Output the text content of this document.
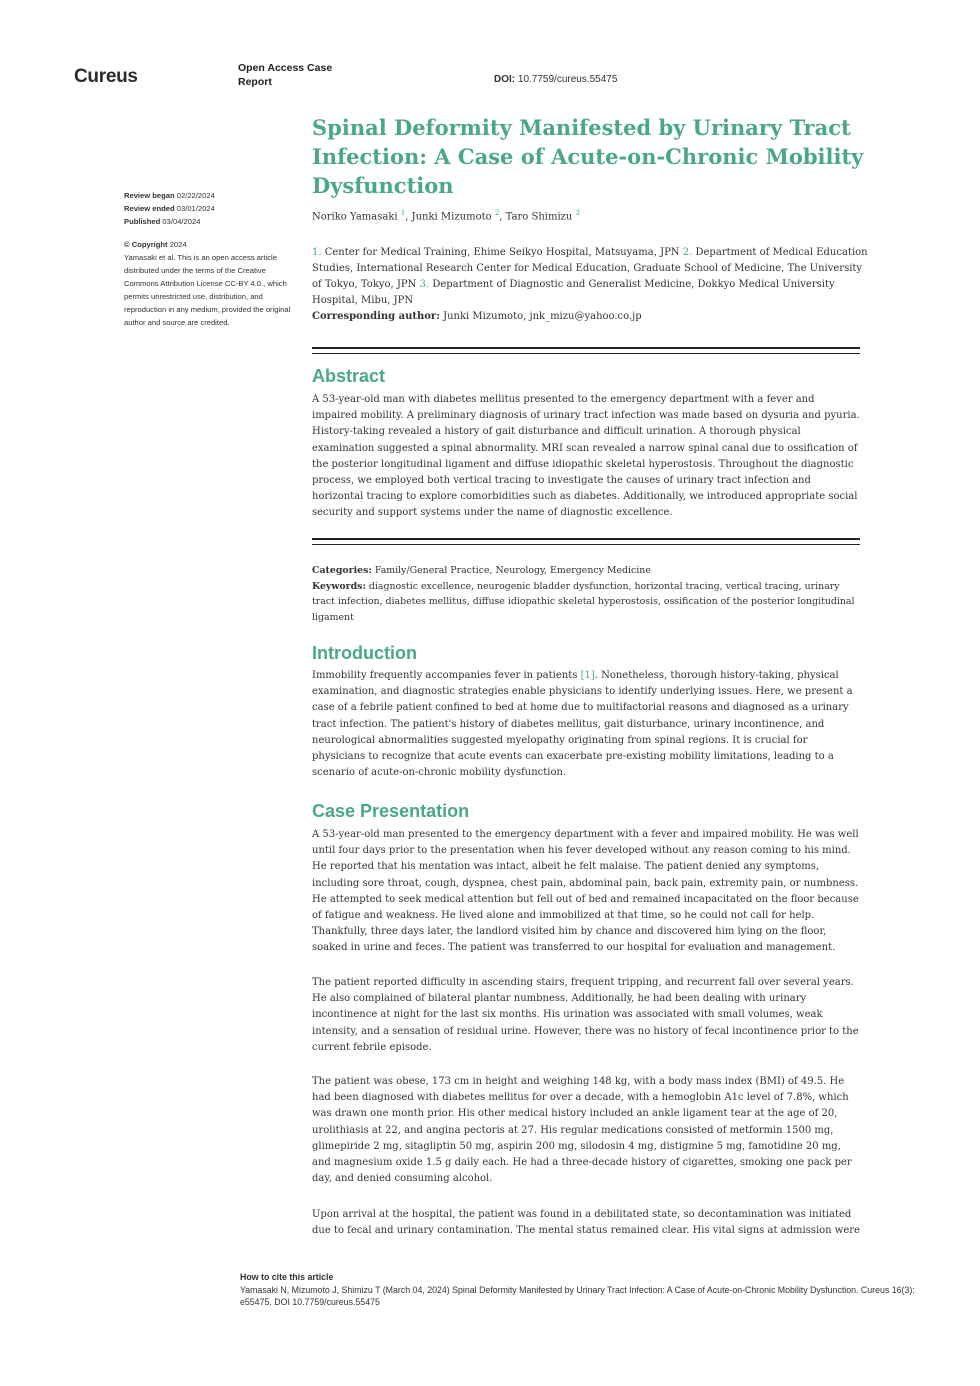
Cureus	Open Access Case Report	DOI: 10.7759/cureus.55475
Spinal Deformity Manifested by Urinary Tract Infection: A Case of Acute-on-Chronic Mobility Dysfunction
Noriko Yamasaki $^1$, Junki Mizumoto $^2$, Taro Shimizu $^3$
1. Center for Medical Training, Ehime Seikyo Hospital, Matsuyama, JPN 2. Department of Medical Education Studies, International Research Center for Medical Education, Graduate School of Medicine, The University of Tokyo, Tokyo, JPN 3. Department of Diagnostic and Generalist Medicine, Dokkyo Medical University Hospital, Mibu, JPN
Corresponding author: Junki Mizumoto, jnk_mizu@yahoo.co.jp
Review began 02/22/2024
Review ended 03/01/2024
Published 03/04/2024
© Copyright 2024
Yamasaki et al. This is an open access article distributed under the terms of the Creative Commons Attribution License CC-BY 4.0., which permits unrestricted use, distribution, and reproduction in any medium, provided the original author and source are credited.
Abstract
A 53-year-old man with diabetes mellitus presented to the emergency department with a fever and impaired mobility. A preliminary diagnosis of urinary tract infection was made based on dysuria and pyuria. History-taking revealed a history of gait disturbance and difficult urination. A thorough physical examination suggested a spinal abnormality. MRI scan revealed a narrow spinal canal due to ossification of the posterior longitudinal ligament and diffuse idiopathic skeletal hyperostosis. Throughout the diagnostic process, we employed both vertical tracing to investigate the causes of urinary tract infection and horizontal tracing to explore comorbidities such as diabetes. Additionally, we introduced appropriate social security and support systems under the name of diagnostic excellence.
Categories: Family/General Practice, Neurology, Emergency Medicine
Keywords: diagnostic excellence, neurogenic bladder dysfunction, horizontal tracing, vertical tracing, urinary tract infection, diabetes mellitus, diffuse idiopathic skeletal hyperostosis, ossification of the posterior longitudinal ligament
Introduction
Immobility frequently accompanies fever in patients [1]. Nonetheless, thorough history-taking, physical examination, and diagnostic strategies enable physicians to identify underlying issues. Here, we present a case of a febrile patient confined to bed at home due to multifactorial reasons and diagnosed as a urinary tract infection. The patient's history of diabetes mellitus, gait disturbance, urinary incontinence, and neurological abnormalities suggested myelopathy originating from spinal regions. It is crucial for physicians to recognize that acute events can exacerbate pre-existing mobility limitations, leading to a scenario of acute-on-chronic mobility dysfunction.
Case Presentation
A 53-year-old man presented to the emergency department with a fever and impaired mobility. He was well until four days prior to the presentation when his fever developed without any reason coming to his mind. He reported that his mentation was intact, albeit he felt malaise. The patient denied any symptoms, including sore throat, cough, dyspnea, chest pain, abdominal pain, back pain, extremity pain, or numbness. He attempted to seek medical attention but fell out of bed and remained incapacitated on the floor because of fatigue and weakness. He lived alone and immobilized at that time, so he could not call for help. Thankfully, three days later, the landlord visited him by chance and discovered him lying on the floor, soaked in urine and feces. The patient was transferred to our hospital for evaluation and management.
The patient reported difficulty in ascending stairs, frequent tripping, and recurrent fall over several years. He also complained of bilateral plantar numbness. Additionally, he had been dealing with urinary incontinence at night for the last six months. His urination was associated with small volumes, weak intensity, and a sensation of residual urine. However, there was no history of fecal incontinence prior to the current febrile episode.
The patient was obese, 173 cm in height and weighing 148 kg, with a body mass index (BMI) of 49.5. He had been diagnosed with diabetes mellitus for over a decade, with a hemoglobin A1c level of 7.8%, which was drawn one month prior. His other medical history included an ankle ligament tear at the age of 20, urolithiasis at 22, and angina pectoris at 27. His regular medications consisted of metformin 1500 mg, glimepiride 2 mg, sitagliptin 50 mg, aspirin 200 mg, silodosin 4 mg, distigmine 5 mg, famotidine 20 mg, and magnesium oxide 1.5 g daily each. He had a three-decade history of cigarettes, smoking one pack per day, and denied consuming alcohol.
Upon arrival at the hospital, the patient was found in a debilitated state, so decontamination was initiated due to fecal and urinary contamination. The mental status remained clear. His vital signs at admission were
How to cite this article
Yamasaki N, Mizumoto J, Shimizu T (March 04, 2024) Spinal Deformity Manifested by Urinary Tract Infection: A Case of Acute-on-Chronic Mobility Dysfunction. Cureus 16(3): e55475. DOI 10.7759/cureus.55475
